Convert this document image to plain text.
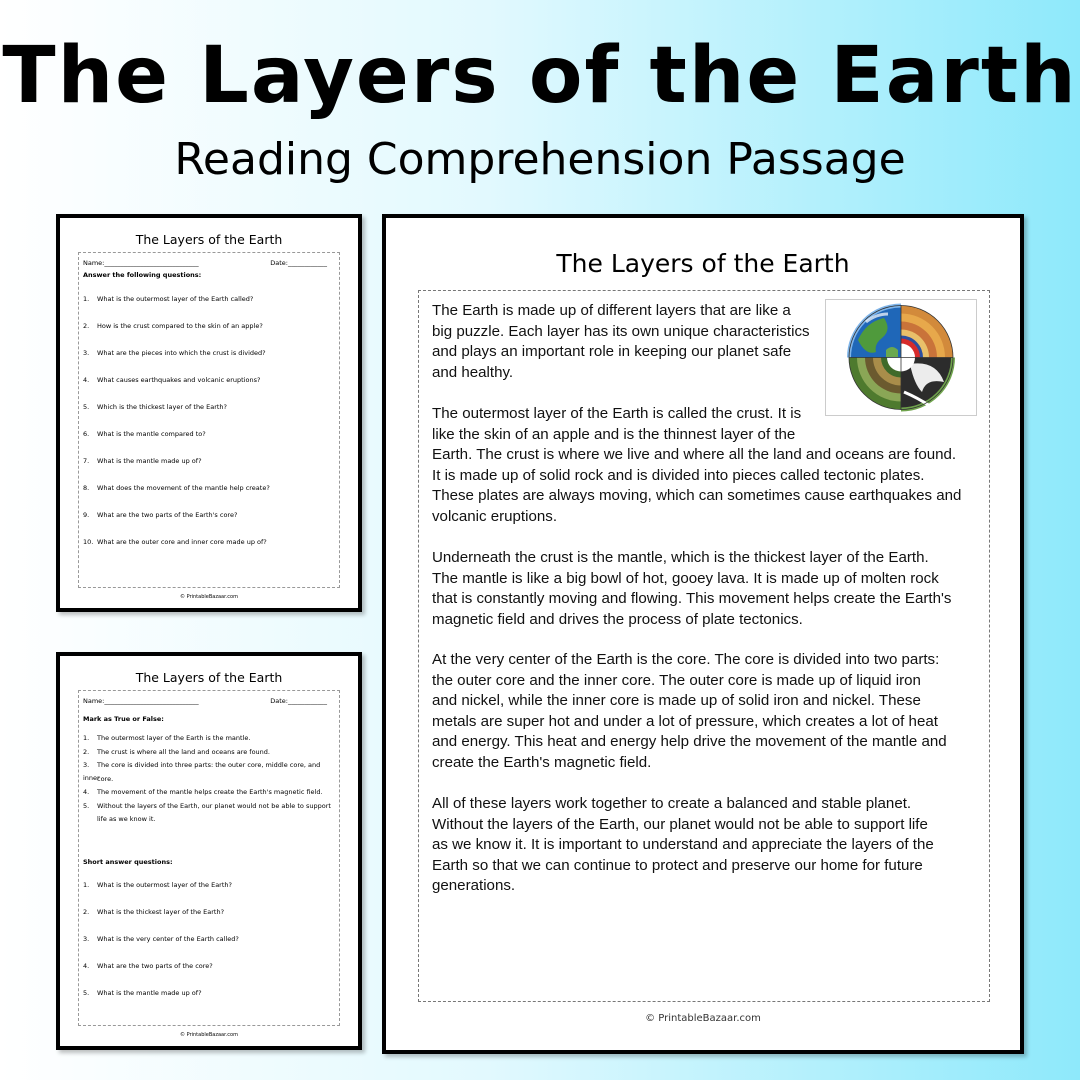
The Layers of the Earth
Reading Comprehension Passage
The Layers of the Earth
Name:_____________________________	Date:____________
Answer the following questions:
1. What is the outermost layer of the Earth called?
2. How is the crust compared to the skin of an apple?
3. What are the pieces into which the crust is divided?
4. What causes earthquakes and volcanic eruptions?
5. Which is the thickest layer of the Earth?
6. What is the mantle compared to?
7. What is the mantle made up of?
8. What does the movement of the mantle help create?
9. What are the two parts of the Earth's core?
10. What are the outer core and inner core made up of?
© PrintableBazaar.com
The Layers of the Earth
Name:_____________________________	Date:____________
Mark as True or False:
1. The outermost layer of the Earth is the mantle.
2. The crust is where all the land and oceans are found.
3. The core is divided into three parts: the outer core, middle core, and inner
core.
4. The movement of the mantle helps create the Earth's magnetic field.
5. Without the layers of the Earth, our planet would not be able to support
life as we know it.
Short answer questions:
1. What is the outermost layer of the Earth?
2. What is the thickest layer of the Earth?
3. What is the very center of the Earth called?
4. What are the two parts of the core?
5. What is the mantle made up of?
© PrintableBazaar.com
The Layers of the Earth

The Earth is made up of different layers that are like a
big puzzle. Each layer has its own unique characteristics
and plays an important role in keeping our planet safe
and healthy.

The outermost layer of the Earth is called the crust. It is
like the skin of an apple and is the thinnest layer of the
Earth. The crust is where we live and where all the land and oceans are found.
It is made up of solid rock and is divided into pieces called tectonic plates.
These plates are always moving, which can sometimes cause earthquakes and
volcanic eruptions.

Underneath the crust is the mantle, which is the thickest layer of the Earth.
The mantle is like a big bowl of hot, gooey lava. It is made up of molten rock
that is constantly moving and flowing. This movement helps create the Earth's
magnetic field and drives the process of plate tectonics.

At the very center of the Earth is the core. The core is divided into two parts:
the outer core and the inner core. The outer core is made up of liquid iron
and nickel, while the inner core is made up of solid iron and nickel. These
metals are super hot and under a lot of pressure, which creates a lot of heat
and energy. This heat and energy help drive the movement of the mantle and
create the Earth's magnetic field.

All of these layers work together to create a balanced and stable planet.
Without the layers of the Earth, our planet would not be able to support life
as we know it. It is important to understand and appreciate the layers of the
Earth so that we can continue to protect and preserve our home for future
generations.

© PrintableBazaar.com
